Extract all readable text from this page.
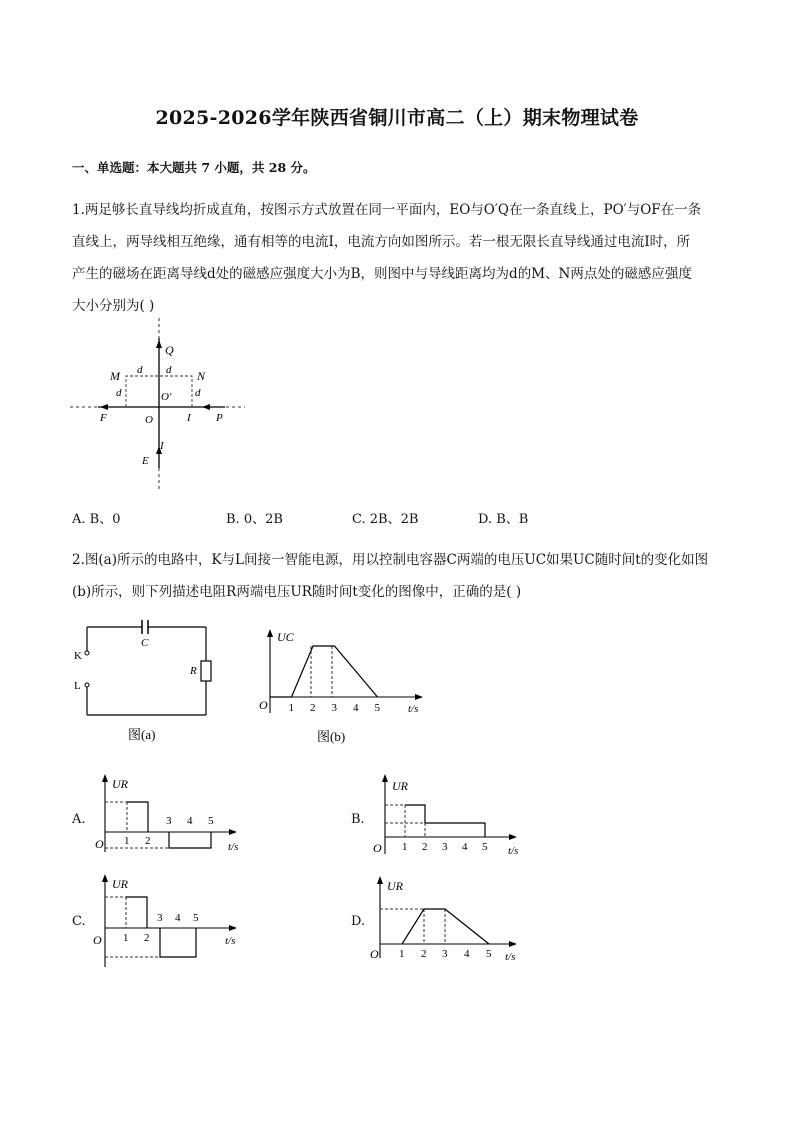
2025-2026学年陕西省铜川市高二（上）期末物理试卷
一、单选题：本大题共 7 小题，共 28 分。
1.两足够长直导线均折成直角，按图示方式放置在同一平面内，EO与O′Q在一条直线上，PO′与OF在一条
直线上，两导线相互绝缘，通有相等的电流I，电流方向如图所示。若一根无限长直导线通过电流I时，所
产生的磁场在距离导线d处的磁感应强度大小为B，则图中与导线距离均为d的M、N两点处的磁感应强度
大小分别为( )
Q
M	N
d d
d	d
O′
O
F	P
I
I
E
A. B、0	B. 0、2B	C. 2B、2B	D. B、B
2.图(a)所示的电路中，K与L间接一智能电源，用以控制电容器C两端的电压UC如果UC随时间t的变化如图
(b)所示，则下列描述电阻R两端电压UR随时间t变化的图像中，正确的是( )
C
K
L
R
图(a)
UC
O	t/s
1 2 3 4 5
图(b)
A.
UR
O	t/s
1 2
3 4 5	B.
UR
O	t/s
1 2 3 4 5
C.
UR
O	t/s
1 2
3 4 5	D.
UR
O	t/s
1 2 3 4 5
